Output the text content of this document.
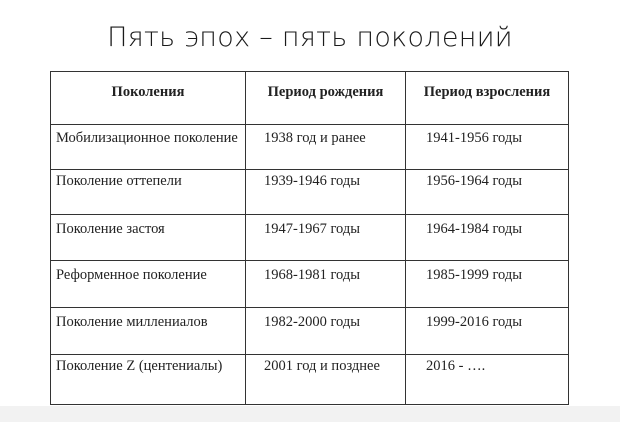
Пять эпох – пять поколений
Поколения	Период рождения	Период взросления
Мобилизационное поколение	1938 год и ранее	1941-1956 годы
Поколение оттепели	1939-1946 годы	1956-1964 годы
Поколение застоя	1947-1967 годы	1964-1984 годы
Реформенное поколение	1968-1981 годы	1985-1999 годы
Поколение миллениалов	1982-2000 годы	1999-2016 годы
Поколение Z (центениалы)	2001 год и позднее	2016 - ….
